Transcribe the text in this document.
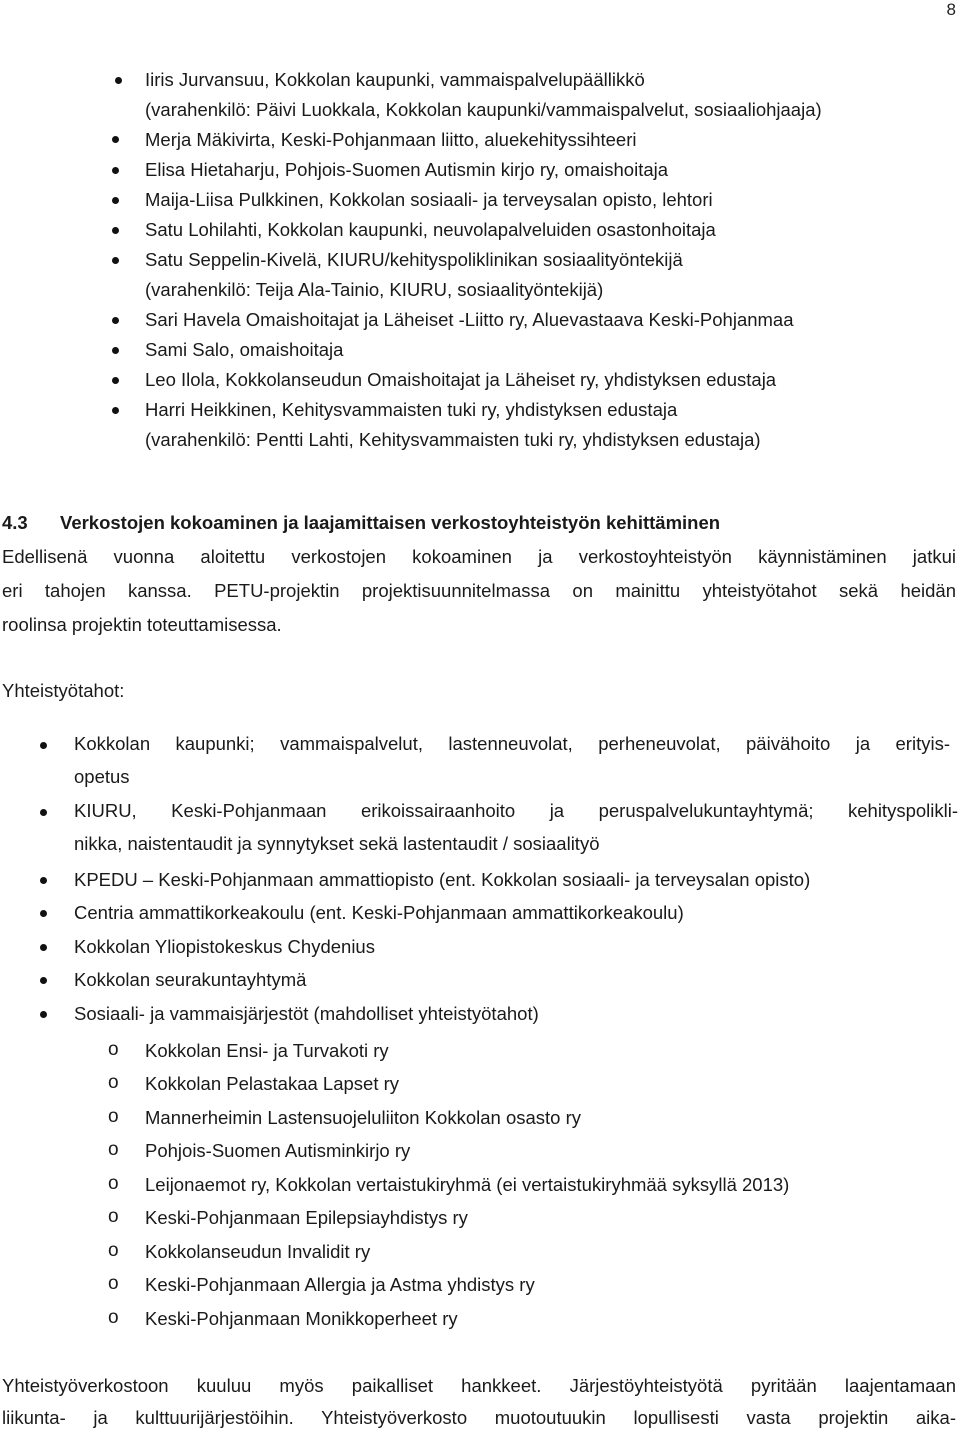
8
Iiris Jurvansuu, Kokkolan kaupunki, vammaispalvelupäällikkö
(varahenkilö: Päivi Luokkala, Kokkolan kaupunki/vammaispalvelut, sosiaaliohjaaja)
Merja Mäkivirta, Keski-Pohjanmaan liitto, aluekehityssihteeri
Elisa Hietaharju, Pohjois-Suomen Autismin kirjo ry, omaishoitaja
Maija-Liisa Pulkkinen, Kokkolan sosiaali- ja terveysalan opisto, lehtori
Satu Lohilahti, Kokkolan kaupunki, neuvolapalveluiden osastonhoitaja
Satu Seppelin-Kivelä, KIURU/kehityspoliklinikan sosiaalityöntekijä
(varahenkilö: Teija Ala-Tainio, KIURU, sosiaalityöntekijä)
Sari Havela Omaishoitajat ja Läheiset -Liitto ry, Aluevastaava Keski-Pohjanmaa
Sami Salo, omaishoitaja
Leo Ilola, Kokkolanseudun Omaishoitajat ja Läheiset ry, yhdistyksen edustaja
Harri Heikkinen, Kehitysvammaisten tuki ry, yhdistyksen edustaja
(varahenkilö: Pentti Lahti, Kehitysvammaisten tuki ry, yhdistyksen edustaja)
4.3 Verkostojen kokoaminen ja laajamittaisen verkostoyhteistyön kehittäminen
Edellisenä vuonna aloitettu verkostojen kokoaminen ja verkostoyhteistyön käynnistäminen jatkui
eri tahojen kanssa. PETU-projektin projektisuunnitelmassa on mainittu yhteistyötahot sekä heidän
roolinsa projektin toteuttamisessa.
Yhteistyötahot:
Kokkolan kaupunki; vammaispalvelut, lastenneuvolat, perheneuvolat, päivähoito ja erityis-
opetus
KIURU, Keski-Pohjanmaan erikoissairaanhoito ja peruspalvelukuntayhtymä; kehityspolikli-
nikka, naistentaudit ja synnytykset sekä lastentaudit / sosiaalityö
KPEDU – Keski-Pohjanmaan ammattiopisto (ent. Kokkolan sosiaali- ja terveysalan opisto)
Centria ammattikorkeakoulu (ent. Keski-Pohjanmaan ammattikorkeakoulu)
Kokkolan Yliopistokeskus Chydenius
Kokkolan seurakuntayhtymä
Sosiaali- ja vammaisjärjestöt (mahdolliset yhteistyötahot)
o Kokkolan Ensi- ja Turvakoti ry
o Kokkolan Pelastakaa Lapset ry
o Mannerheimin Lastensuojeluliiton Kokkolan osasto ry
o Pohjois-Suomen Autisminkirjo ry
o Leijonaemot ry, Kokkolan vertaistukiryhmä (ei vertaistukiryhmää syksyllä 2013)
o Keski-Pohjanmaan Epilepsiayhdistys ry
o Kokkolanseudun Invalidit ry
o Keski-Pohjanmaan Allergia ja Astma yhdistys ry
o Keski-Pohjanmaan Monikkoperheet ry
Yhteistyöverkostoon kuuluu myös paikalliset hankkeet. Järjestöyhteistyötä pyritään laajentamaan
liikunta- ja kulttuurijärjestöihin. Yhteistyöverkosto muotoutuukin lopullisesti vasta projektin aika-
